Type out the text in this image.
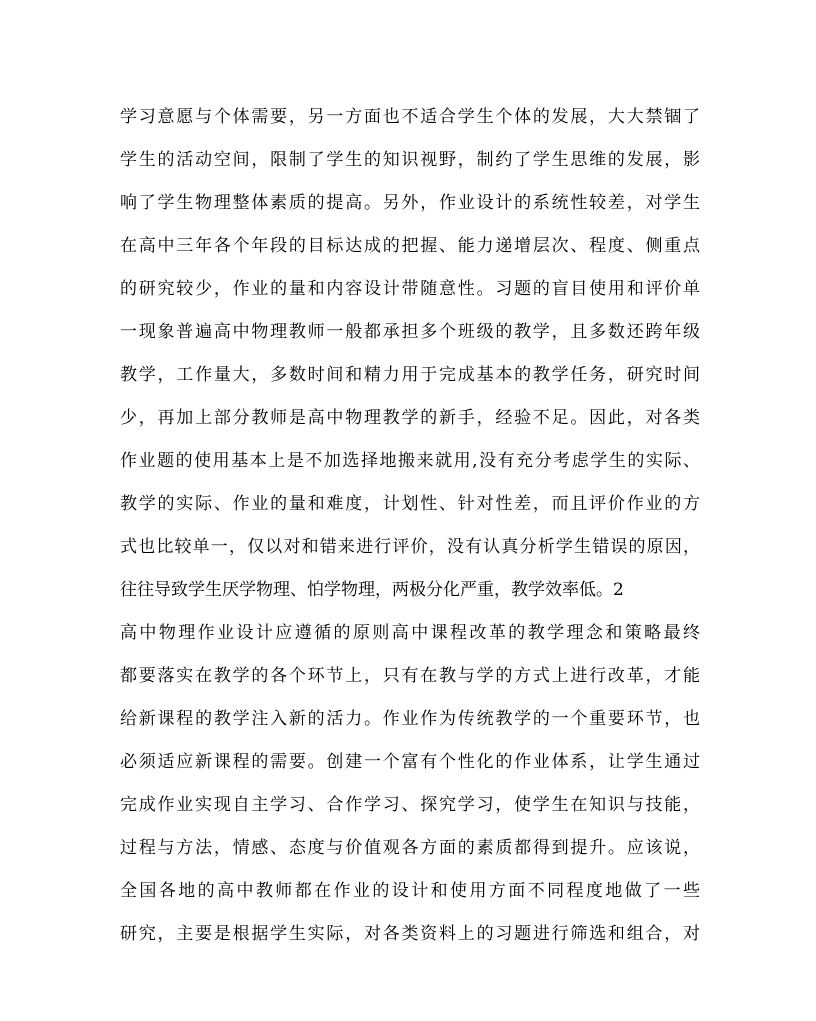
学习意愿与个体需要，另一方面也不适合学生个体的发展，大大禁锢了
学生的活动空间，限制了学生的知识视野，制约了学生思维的发展，影
响了学生物理整体素质的提高。另外，作业设计的系统性较差，对学生
在高中三年各个年段的目标达成的把握、能力递增层次、程度、侧重点
的研究较少，作业的量和内容设计带随意性。习题的盲目使用和评价单
一现象普遍高中物理教师一般都承担多个班级的教学，且多数还跨年级
教学，工作量大，多数时间和精力用于完成基本的教学任务，研究时间
少，再加上部分教师是高中物理教学的新手，经验不足。因此，对各类
作业题的使用基本上是不加选择地搬来就用,没有充分考虑学生的实际、
教学的实际、作业的量和难度，计划性、针对性差，而且评价作业的方
式也比较单一，仅以对和错来进行评价，没有认真分析学生错误的原因，
往往导致学生厌学物理、怕学物理，两极分化严重，教学效率低。2
高中物理作业设计应遵循的原则高中课程改革的教学理念和策略最终
都要落实在教学的各个环节上，只有在教与学的方式上进行改革，才能
给新课程的教学注入新的活力。作业作为传统教学的一个重要环节，也
必须适应新课程的需要。创建一个富有个性化的作业体系，让学生通过
完成作业实现自主学习、合作学习、探究学习，使学生在知识与技能，
过程与方法，情感、态度与价值观各方面的素质都得到提升。应该说，
全国各地的高中教师都在作业的设计和使用方面不同程度地做了一些
研究，主要是根据学生实际，对各类资料上的习题进行筛选和组合，对
